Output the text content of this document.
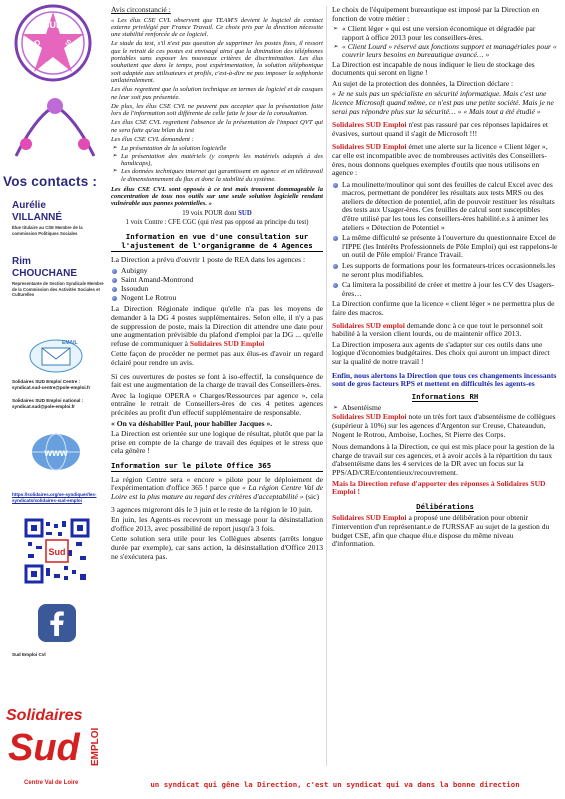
SUD
SUD	SUD
SUD
Vos contacts :
Aurélie
VILLANNÉ
Élue titulaire au CSE Membre de la commission Politiques Sociales
Rim
CHOUCHANE
Representante de Section Syndicale Membre de la Commission des Activités Sociales et Culturelles
EMAIL
Solidaires SUD Emploi Centre : syndicat.sud-centre@pole-emploi.fr
Solidaires SUD Emploi national : syndicat.sud@pole-emploi.fr
www
https://solidaires.org/se-syndiquer/les-syndicats/solidaires-sud-emploi
Sud
Sud Emploi Cvl
Solidaires
Sud EMPLOI
Centre Val de Loire

Avis circonstancié :

« Les élus CSE CVL observent que TEAM'S devient le logiciel de contact externe privilégié par France Travail. Ce choix pris par la direction nécessite une stabilité renforcée de ce logiciel.

Le stade du test, s'il n'est pas question de supprimer les postes fixes, il ressort que le retrait de ces postes est envisagé ainsi que la diminution des téléphones portables sans exposer les nouveaux critères de discrimination. Les élus souhaitent que dans le temps, post expérimentation, la solution téléphonique soit adaptée aux utilisateurs et profils, c'est-à-dire ne pas imposer la softphonie unilatéralement.

Les élus regrettent que la solution technique en termes de logiciel et de casques ne leur soit pas présentée.

De plus, les élus CSE CVL ne peuvent pas accepter que la présentation faite lors de l'information soit différente de celle faite le jour de la consultation.

Les élus CSE CVL regrettent l'absence de la présentation de l'impact QVT qui ne sera faite qu'au bilan du test

Les élus CSE CVL demandent :

➢ La présentation de la solution logicielle
➢ La présentation des matériels (y compris les matériels adaptés à des handicaps),
➢ Les données techniques internet qui garantissent en agence et en télétravail le dimensionnement du flux et donc la stabilité du système.

Les élus CSE CVL sont opposés à ce test mais trouvent dommageable la concentration de tous nos outils sur une seule solution logicielle rendant vulnérable aux pannes potentielles. »

19 voix POUR dont SUD

1 voix Contre : CFE CGC (qui n'est pas opposé au principe du test)

Information en vue d'une consultation sur l'ajustement de l'organigramme de 4 Agences

La Direction a prévu d'ouvrir 1 poste de REA dans les agences :

Aubigny
Saint Amand-Montrond
Issoudun
Nogent Le Rotrou

La Direction Régionale indique qu'elle n'a pas les moyens de demander à la DG 4 postes supplémentaires. Selon elle, il n'y a pas de suppression de poste, mais la Direction dit attendre une date pour une augmentation prévisible du plafond d'emploi par la DG ... qu'elle refuse de communiquer à Solidaires SUD Emploi

Cette façon de procéder ne permet pas aux élus-es d'avoir un regard éclairé pour rendre un avis.

Si ces ouvertures de postes se font à iso-effectif, la conséquence de fait est une augmentation de la charge de travail des Conseillers-ères.

Avec la logique OPERA « Charges/Ressources par agence », cela entraîne le retrait de Conseillers-ères de ces 4 petites agences précitées au profit d'un effectif supplémentaire de responsable.

« On va déshabiller Paul, pour habiller Jacques ».

La Direction est orientée sur une logique de résultat, plutôt que par la prise en compte de la charge de travail des équipes et le stress que cela génère !

Information sur le pilote Office 365

La région Centre sera « encore » pilote pour le déploiement de l'expérimentation d'office 365 ! parce que « La région Centre Val de Loire est la plus mature au regard des critères d'acceptabilité » (sic)

3 agences migreront dès le 3 juin et le reste de la région le 10 juin.

En juin, les Agents-es recevront un message pour la désinstallation d'office 2013, avec possibilité de report jusqu'à 3 fois.

Cette solution sera utile pour les Collègues absents (arrêts longue durée par exemple), car sans action, la désinstallation d'Office 2013 ne s'exécutera pas.

Le choix de l'équipement bureautique est imposé par la Direction en fonction de votre métier :

➢ « Client léger » qui est une version économique et dégradée par rapport à office 2013 pour les conseillers-ères.
➢ « Client Lourd » réservé aux fonctions support et managériales pour « couvrir leurs besoins en bureautique avancé… »

La Direction est incapable de nous indiquer le lieu de stockage des documents qui seront en ligne !

Au sujet de la protection des données, la Direction déclare :

« Je ne suis pas un spécialiste en sécurité informatique. Mais c'est une licence Microsoft quand même, ce n'est pas une petite société. Mais je ne serai pas répondre plus sur la sécurité… » « Mais tout a été étudié »

Solidaires SUD Emploi n'est pas rassuré par ces réponses lapidaires et évasives, surtout quand il s'agit de Microsoft !!!

Solidaires SUD Emploi émet une alerte sur la licence « Client léger », car elle est incompatible avec de nombreuses activités des Conseillers-ères, nous donnons quelques exemples d'outils que nous utilisons en agence :

La moulinette/moulinor qui sont des feuilles de calcul Excel avec des macros, permettant de pondérer les résultats aux tests MRS ou des ateliers de détection de potentiel, afin de pouvoir restituer les résultats des tests aux Usager-ères. Ces feuilles de calcul sont susceptibles d'être utilisé par les tous les conseillers-ères habilité.e.s à animer les ateliers « Détection de Potentiel »
La même difficulté se présente à l'ouverture du questionnaire Excel de l'IPPE (les Intérêts Professionnels de Pôle Emploi) qui est rappelons-le un outil de Pôle emploi/ France Travail.
Les supports de formations pour les formateurs-trices occasionnels.les ne seront plus modifiables.
Ca limitera la possibilité de créer et mettre à jour les CV des Usagers-ères…

La Direction confirme que la licence « client léger » ne permettra plus de faire des macros.

Solidaires SUD emploi demande donc à ce que tout le personnel soit habilité à la version client lourds, ou de maintenir office 2013.

La Direction imposera aux agents de s'adapter sur ces outils dans une logique d'économies budgétaires. Des choix qui auront un impact direct sur la qualité de notre travail !

Enfin, nous alertons la Direction que tous ces changements incessants sont de gros facteurs RPS et mettent en difficultés les agents-es

Informations RH
➢ Absentéisme

Solidaires SUD Emploi note un très fort taux d'absentéisme de collègues (supérieur à 10%) sur les agences d'Argenton sur Creuse, Chateaudun, Nogent le Rotrou, Amboise, Loches, St Pierre des Corps.

Nous demandons à la Direction, ce qui est mis place pour la gestion de la charge de travail sur ces agences, et à avoir accès à la répartition du taux d'absentéisme dans les 4 services de la DR avec un focus sur la PPS/AD/CRE/contentieux/recouvrement.

Mais la Direction refuse d'apporter des réponses à Solidaires SUD Emploi !

Délibérations

Solidaires SUD Emploi a proposé une délibération pour obtenir l'intervention d'un représentant.e de l'URSSAF au sujet de la gestion du budget CSE, afin que chaque élu.e dispose du même niveau d'information.

un syndicat qui gêne la Direction, c'est un syndicat qui va dans la bonne direction
